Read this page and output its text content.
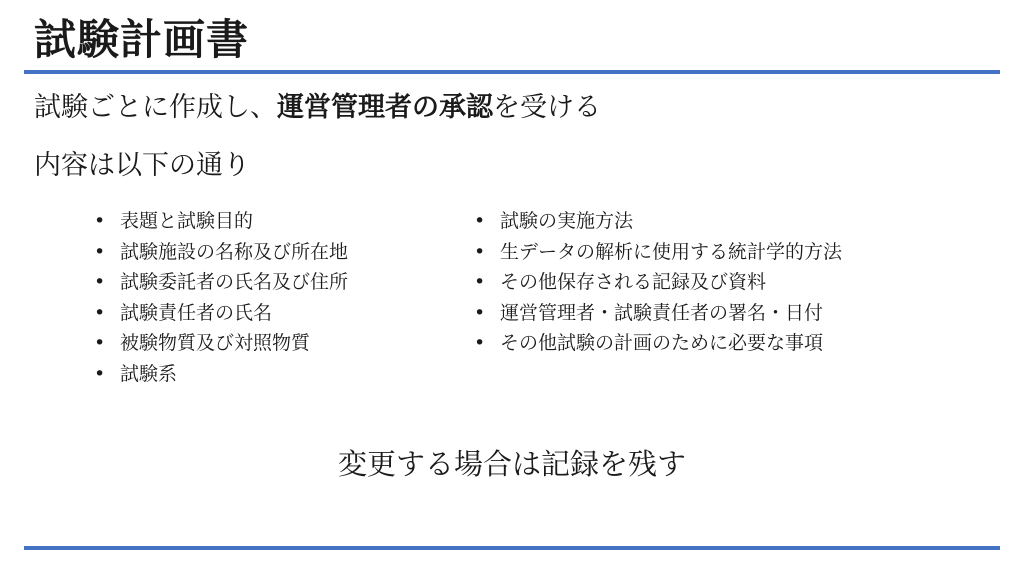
試験計画書
試験ごとに作成し、運営管理者の承認を受ける
内容は以下の通り
• 表題と試験目的
• 試験施設の名称及び所在地
• 試験委託者の氏名及び住所
• 試験責任者の氏名
• 被験物質及び対照物質
• 試験系
• 試験の実施方法
• 生データの解析に使用する統計学的方法
• その他保存される記録及び資料
• 運営管理者・試験責任者の署名・日付
• その他試験の計画のために必要な事項
変更する場合は記録を残す
